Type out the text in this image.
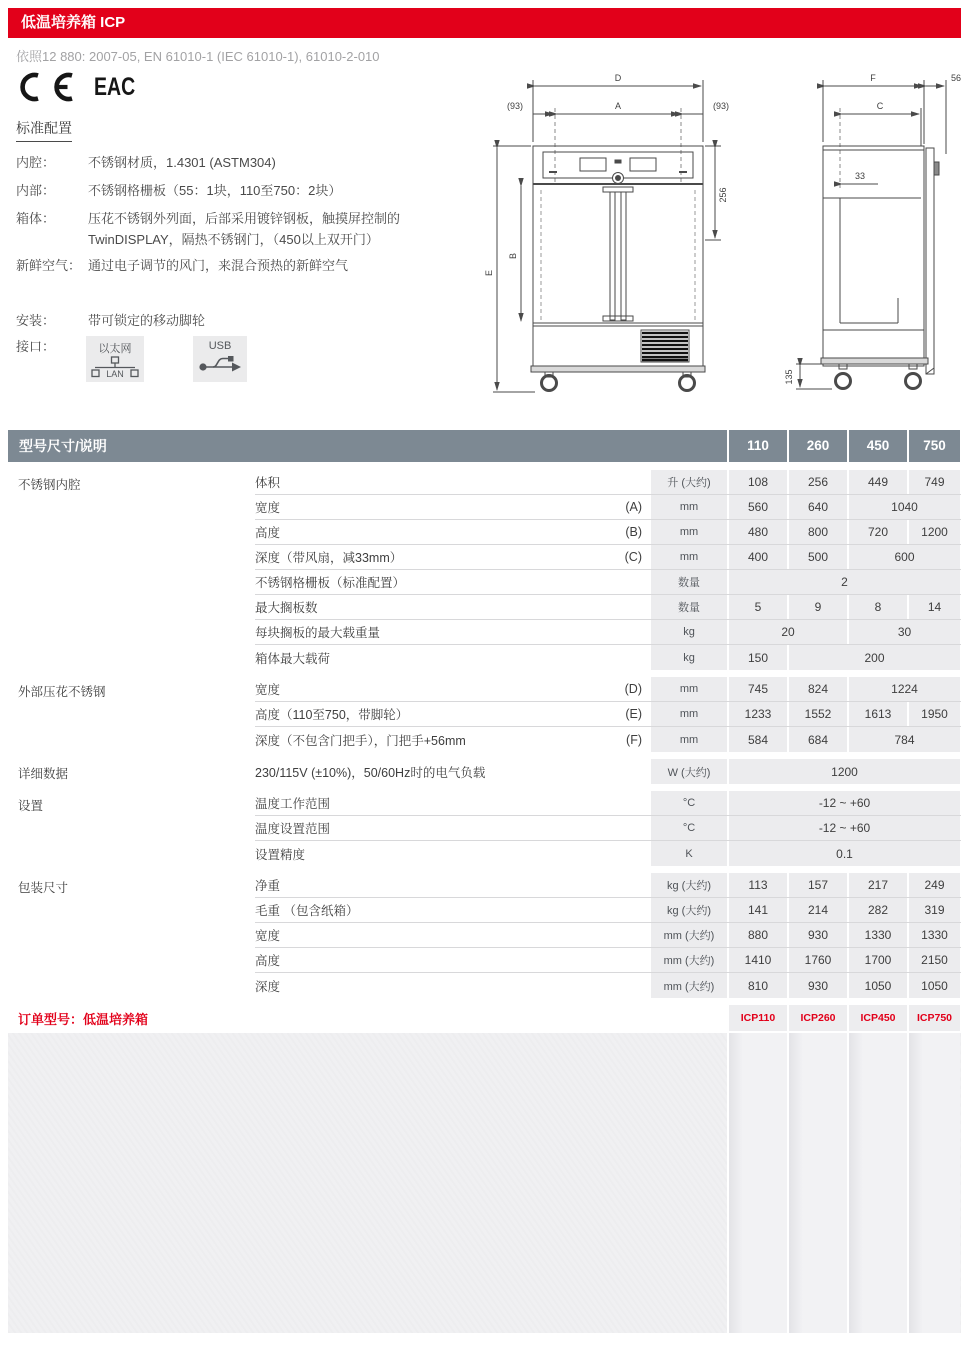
低温培养箱 ICP
依照12 880: 2007-05, EN 61010-1 (IEC 61010-1), 61010-2-010
EAC
标准配置
内腔：	不锈钢材质，1.4301 (ASTM304)
内部：	不锈钢格栅板（55：1块，110至750：2块）
箱体：	压花不锈钢外列面，后部采用镀锌钢板，触摸屏控制的TwinDISPLAY，隔热不锈钢门，（450以上双开门）
新鲜空气： 通过电子调节的风门，来混合预热的新鲜空气
安装：	带可锁定的移动脚轮
接口：	以太网
LAN
USB
D
A
(93)	(93)
B
E
256
F	56
C
33
135
型号尺寸/说明	110	260	450	750
不锈钢内腔	体积	升 (大约)	108	256	449	749
宽度	(A)	mm	560	640	1040
高度	(B)	mm	480	800	720	1200
深度（带风扇，减33mm）	(C)	mm	400	500	600
不锈钢格栅板（标准配置）	数量	2
最大搁板数	数量	5	9	8	14
每块搁板的最大载重量	kg	20	30
箱体最大载荷	kg	150	200
外部压花不锈钢	宽度	(D)	mm	745	824	1224
高度（110至750，带脚轮）	(E)	mm	1233	1552	1613	1950
深度（不包含门把手），门把手+56mm	(F)	mm	584	684	784
详细数据	230/115V (±10%)，50/60Hz时的电气负载	W (大约)	1200
设置	温度工作范围	°C	-12 ~ +60
温度设置范围	°C	-12 ~ +60
设置精度	K	0.1
包装尺寸	净重	kg (大约)	113	157	217	249
毛重 （包含纸箱）	kg (大约)	141	214	282	319
宽度	mm (大约)	880	930	1330	1330
高度	mm (大约)	1410	1760	1700	2150
深度	mm (大约)	810	930	1050	1050
订单型号：低温培养箱	ICP110	ICP260	ICP450	ICP750
